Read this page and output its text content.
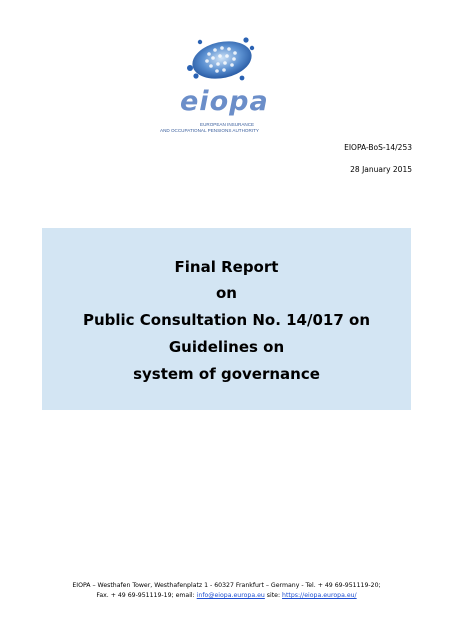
eiopa
EUROPEAN INSURANCE
AND OCCUPATIONAL PENSIONS AUTHORITY
EIOPA-BoS-14/253
28 January 2015
Final Report
on
Public Consultation No. 14/017 on
Guidelines on
system of governance
EIOPA – Westhafen Tower, Westhafenplatz 1 - 60327 Frankfurt – Germany - Tel. + 49 69-951119-20;
Fax. + 49 69-951119-19; email: info@eiopa.europa.eu site: https://eiopa.europa.eu/
